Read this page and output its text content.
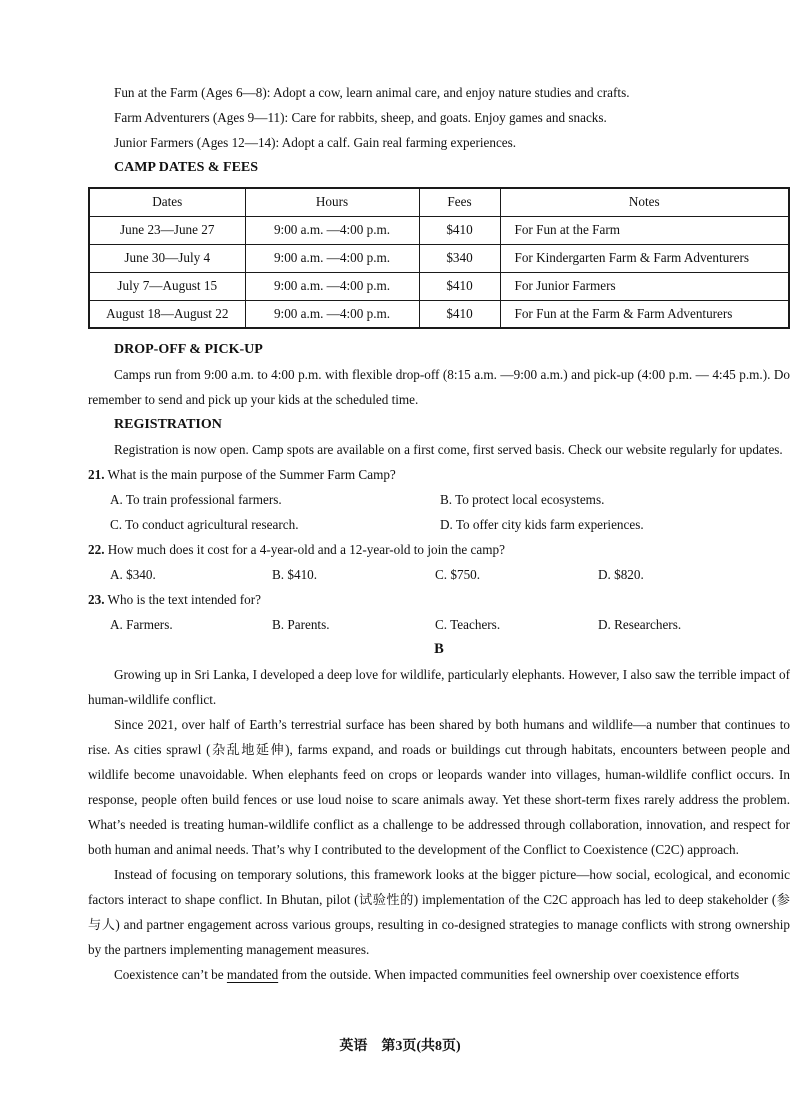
Fun at the Farm (Ages 6—8): Adopt a cow, learn animal care, and enjoy nature studies and crafts.
Farm Adventurers (Ages 9—11): Care for rabbits, sheep, and goats. Enjoy games and snacks.
Junior Farmers (Ages 12—14): Adopt a calf. Gain real farming experiences.
CAMP DATES & FEES
Dates	Hours	Fees	Notes
June 23—June 27	9:00 a.m. —4:00 p.m.	$410	For Fun at the Farm
June 30—July 4	9:00 a.m. —4:00 p.m.	$340	For Kindergarten Farm & Farm Adventurers
July 7—August 15	9:00 a.m. —4:00 p.m.	$410	For Junior Farmers
August 18—August 22	9:00 a.m. —4:00 p.m.	$410	For Fun at the Farm & Farm Adventurers
DROP-OFF & PICK-UP

Camps run from 9:00 a.m. to 4:00 p.m. with flexible drop-off (8:15 a.m. —9:00 a.m.) and pick-up (4:00 p.m. — 4:45 p.m.). Do remember to send and pick up your kids at the scheduled time.

REGISTRATION

Registration is now open. Camp spots are available on a first come, first served basis. Check our website regularly for updates.

21. What is the main purpose of the Summer Farm Camp?
A. To train professional farmers.	B. To protect local ecosystems.
C. To conduct agricultural research.	D. To offer city kids farm experiences.
22. How much does it cost for a 4-year-old and a 12-year-old to join the camp?
A. $340.	B. $410.	C. $750.	D. $820.
23. Who is the text intended for?
A. Farmers.	B. Parents.	C. Teachers.	D. Researchers.
B

Growing up in Sri Lanka, I developed a deep love for wildlife, particularly elephants. However, I also saw the terrible impact of human-wildlife conflict.

Since 2021, over half of Earth’s terrestrial surface has been shared by both humans and wildlife—a number that continues to rise. As cities sprawl (杂乱地延伸), farms expand, and roads or buildings cut through habitats, encounters between people and wildlife become unavoidable. When elephants feed on crops or leopards wander into villages, human-wildlife conflict occurs. In response, people often build fences or use loud noise to scare animals away. Yet these short-term fixes rarely address the problem. What’s needed is treating human-wildlife conflict as a challenge to be addressed through collaboration, innovation, and respect for both human and animal needs. That’s why I contributed to the development of the Conflict to Coexistence (C2C) approach.

Instead of focusing on temporary solutions, this framework looks at the bigger picture—how social, ecological, and economic factors interact to shape conflict. In Bhutan, pilot (试验性的) implementation of the C2C approach has led to deep stakeholder (参与人) and partner engagement across various groups, resulting in co-designed strategies to manage conflicts with strong ownership by the partners implementing management measures.

Coexistence can’t be mandated from the outside. When impacted communities feel ownership over coexistence efforts

英语　第3页(共8页)
